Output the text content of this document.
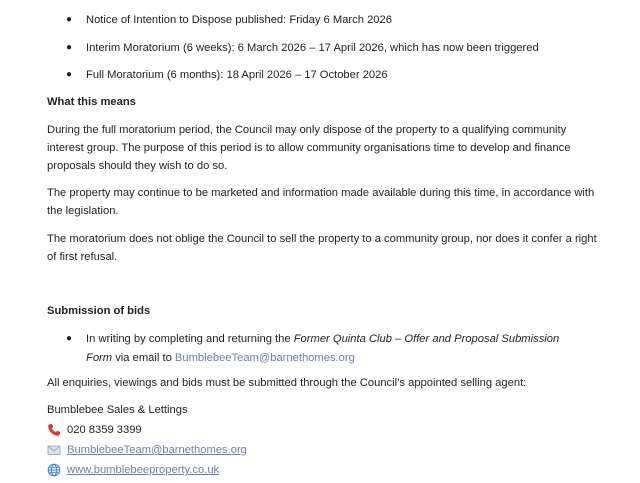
●	Notice of Intention to Dispose published: Friday 6 March 2026
●	Interim Moratorium (6 weeks): 6 March 2026 – 17 April 2026, which has now been triggered
●	Full Moratorium (6 months): 18 April 2026 – 17 October 2026
What this means

During the full moratorium period, the Council may only dispose of the property to a qualifying community interest group. The purpose of this period is to allow community organisations time to develop and finance proposals should they wish to do so.

The property may continue to be marketed and information made available during this time, in accordance with the legislation.

The moratorium does not oblige the Council to sell the property to a community group, nor does it confer a right of first refusal.

Submission of bids
●	In writing by completing and returning the Former Quinta Club – Offer and Proposal Submission Form via email to BumblebeeTeam@barnethomes.org

All enquiries, viewings and bids must be submitted through the Council’s appointed selling agent:

Bumblebee Sales & Lettings
020 8359 3399
BumblebeeTeam@barnethomes.org
www.bumblebeeproperty.co.uk
